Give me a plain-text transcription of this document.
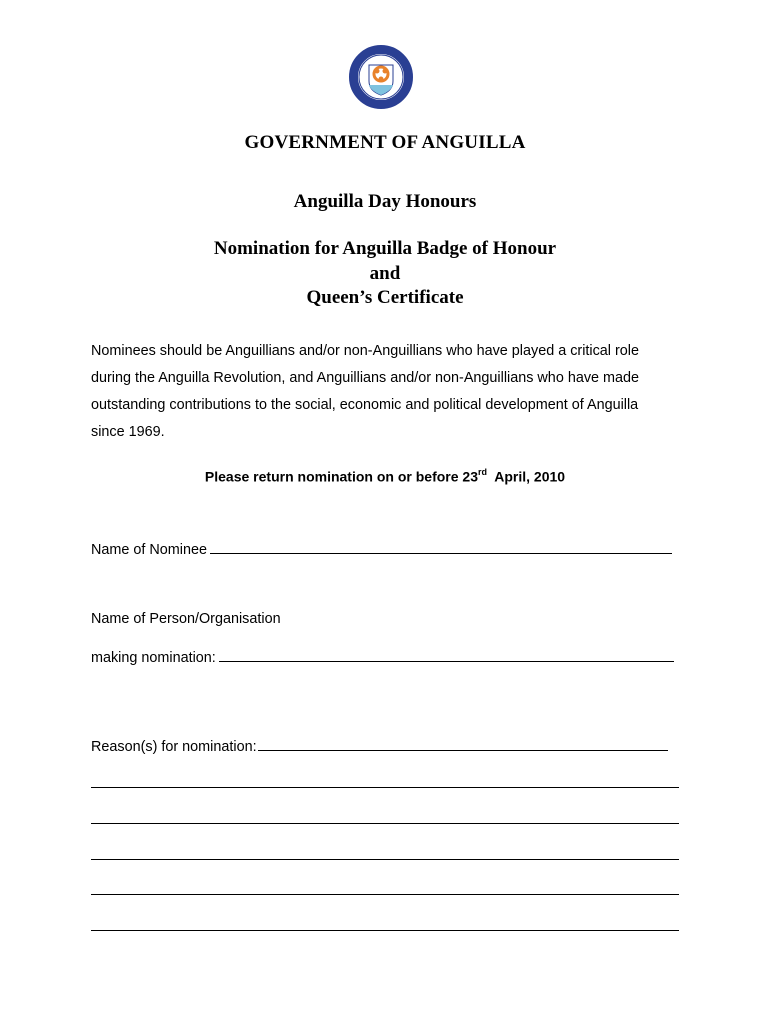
GOVERNMENT OF ANGUILLA
Anguilla Day Honours
Nomination for Anguilla Badge of Honour
and
Queen’s Certificate
Nominees should be Anguillians and/or non-Anguillians who have played a critical role
during the Anguilla Revolution, and Anguillians and/or non-Anguillians who have made
outstanding contributions to the social, economic and political development of Anguilla
since 1969.
Please return nomination on or before 23rd  April, 2010
Name of Nominee
Name of Person/Organisation
making nomination:
Reason(s) for nomination:
